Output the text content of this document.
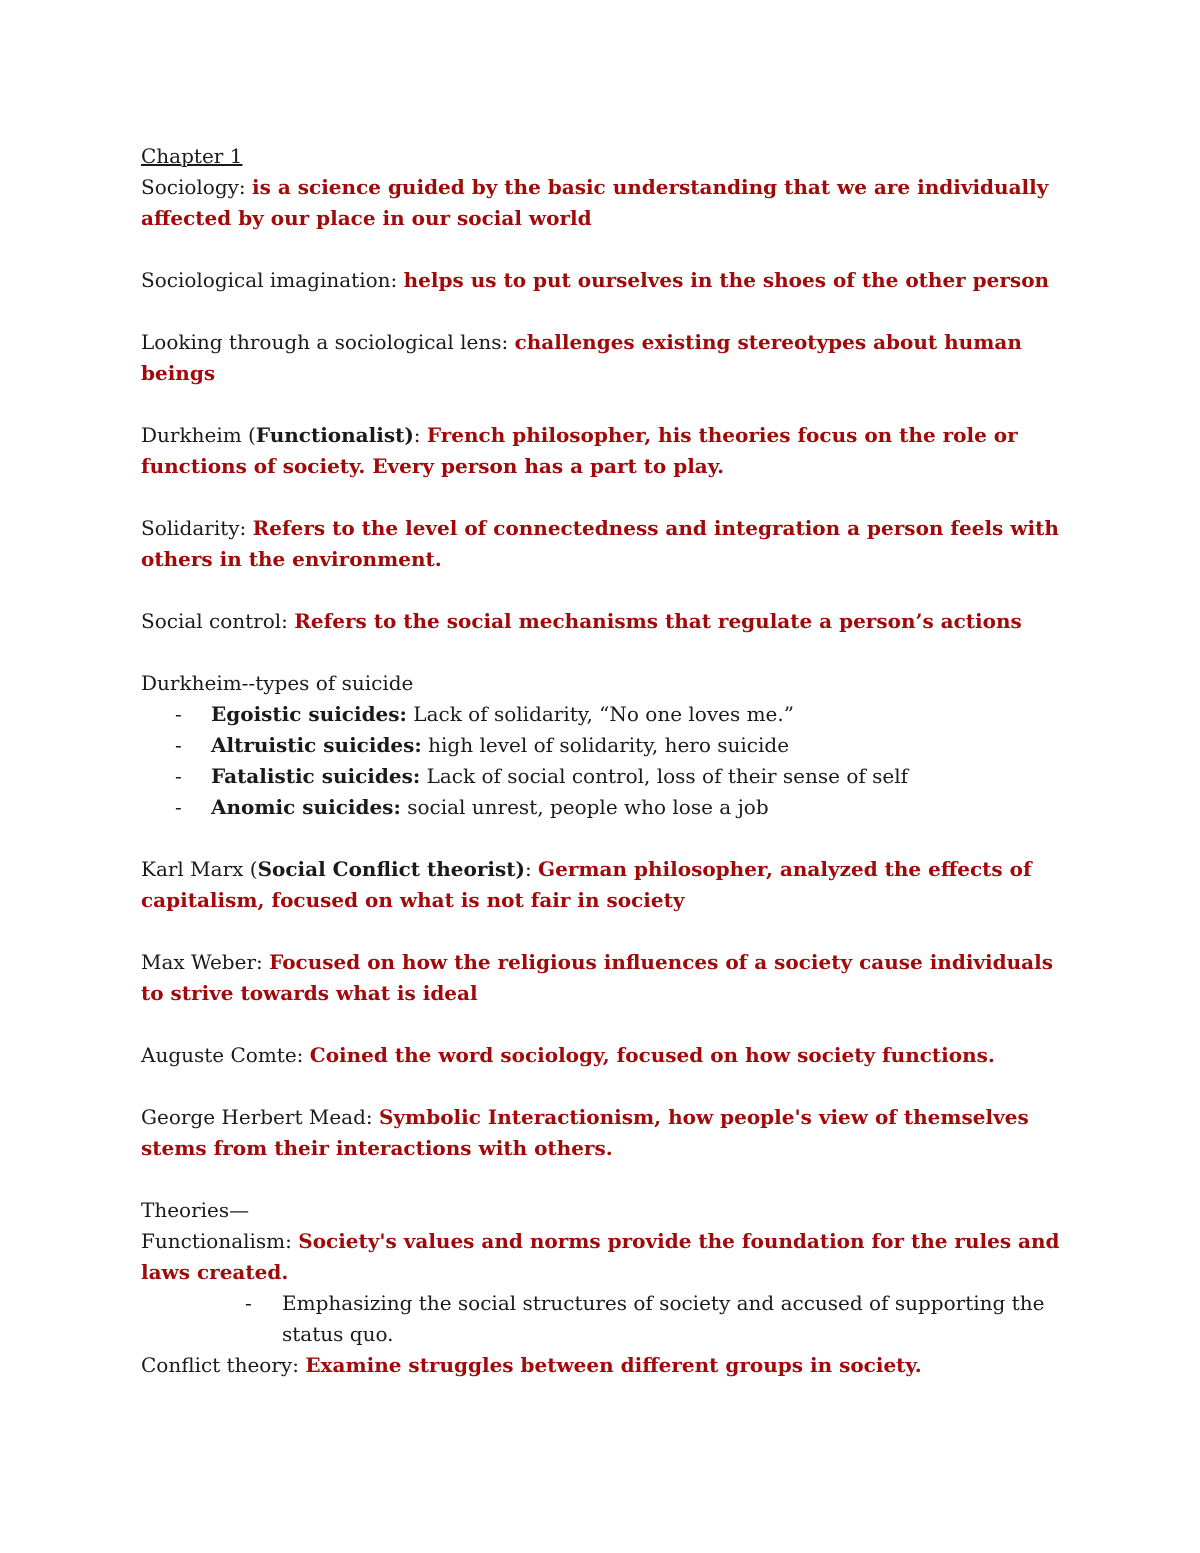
Chapter 1

Sociology: is a science guided by the basic understanding that we are individually affected by our place in our social world

Sociological imagination: helps us to put ourselves in the shoes of the other person

Looking through a sociological lens: challenges existing stereotypes about human beings

Durkheim (Functionalist): French philosopher, his theories focus on the role or functions of society. Every person has a part to play.

Solidarity: Refers to the level of connectedness and integration a person feels with others in the environment.

Social control: Refers to the social mechanisms that regulate a person’s actions

Durkheim--types of suicide

- Egoistic suicides: Lack of solidarity, “No one loves me.”
- Altruistic suicides: high level of solidarity, hero suicide
- Fatalistic suicides: Lack of social control, loss of their sense of self
- Anomic suicides: social unrest, people who lose a job

Karl Marx (Social Conflict theorist): German philosopher, analyzed the effects of capitalism, focused on what is not fair in society

Max Weber: Focused on how the religious influences of a society cause individuals to strive towards what is ideal

Auguste Comte: Coined the word sociology, focused on how society functions.

George Herbert Mead: Symbolic Interactionism, how people's view of themselves stems from their interactions with others.

Theories—

Functionalism: Society's values and norms provide the foundation for the rules and laws created.

- Emphasizing the social structures of society and accused of supporting the status quo.

Conflict theory: Examine struggles between different groups in society.
